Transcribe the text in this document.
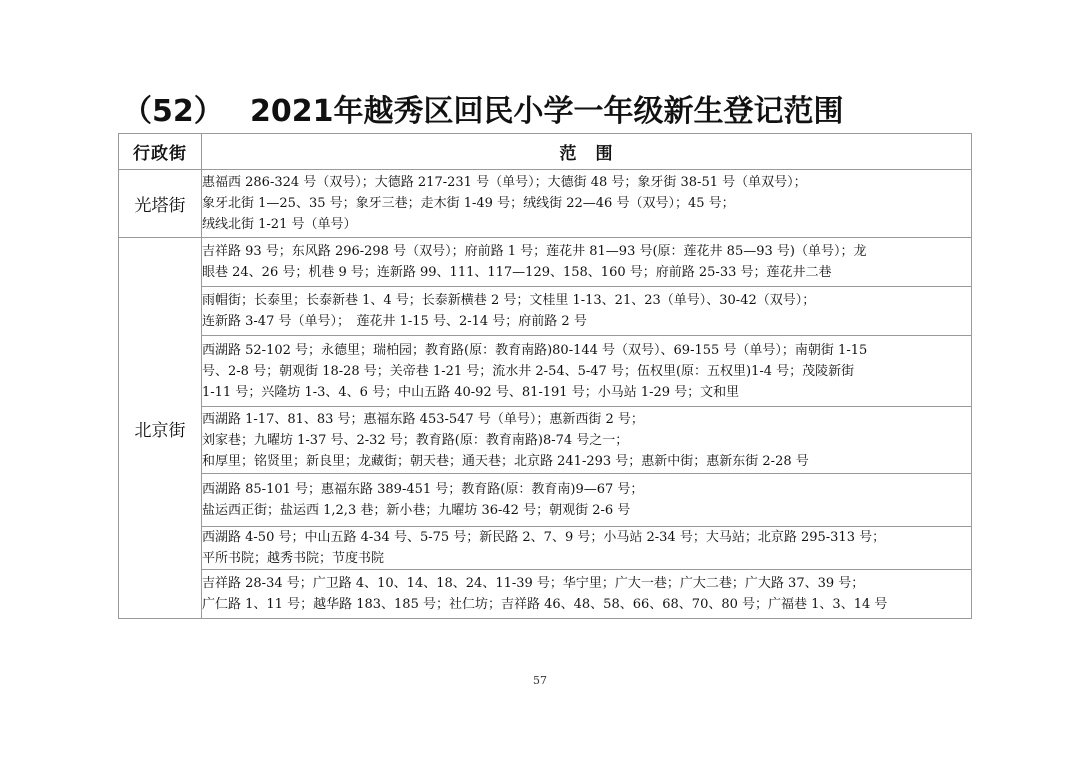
（52） 2021年越秀区回民小学一年级新生登记范围
行政街	范　围
光塔街	惠福西 286-324 号（双号）；大德路 217-231 号（单号）；大德街 48 号；象牙街 38-51 号（单双号）；
象牙北街 1—25、35 号；象牙三巷；走木街 1-49 号；绒线街 22—46 号（双号）；45 号；
绒线北街 1-21 号（单号）

北京街	吉祥路 93 号；东风路 296-298 号（双号）；府前路 1 号；莲花井 81—93 号(原：莲花井 85—93 号)（单号）；龙
眼巷 24、26 号；机巷 9 号；连新路 99、111、117—129、158、160 号；府前路 25-33 号；莲花井二巷

	雨帽街；长泰里；长泰新巷 1、4 号；长泰新横巷 2 号；文桂里 1-13、21、23（单号）、30-42（双号）；
连新路 3-47 号（单号）；　莲花井 1-15 号、2-14 号；府前路 2 号

	西湖路 52-102 号；永德里；瑞柏园；教育路(原：教育南路)80-144 号（双号）、69-155 号（单号）；南朝街 1-15
号、2-8 号；朝观街 18-28 号；关帝巷 1-21 号；流水井 2-54、5-47 号；伍权里(原：五权里)1-4 号；茂陵新街
1-11 号；兴隆坊 1-3、4、6 号；中山五路 40-92 号、81-191 号；小马站 1-29 号；文和里

	西湖路 1-17、81、83 号；惠福东路 453-547 号（单号）；惠新西街 2 号；
刘家巷；九曜坊 1-37 号、2-32 号；教育路(原：教育南路)8-74 号之一；
和厚里；铭贤里；新良里；龙藏街；朝天巷；通天巷；北京路 241-293 号；惠新中街；惠新东街 2-28 号

	西湖路 85-101 号；惠福东路 389-451 号；教育路(原：教育南)9—67 号；
盐运西正街；盐运西 1,2,3 巷；新小巷；九曜坊 36-42 号；朝观街 2-6 号

	西湖路 4-50 号；中山五路 4-34 号、5-75 号；新民路 2、7、9 号；小马站 2-34 号；大马站；北京路 295-313 号；
平所书院；越秀书院；节度书院

	吉祥路 28-34 号；广卫路 4、10、14、18、24、11-39 号；华宁里；广大一巷；广大二巷；广大路 37、39 号；
广仁路 1、11 号；越华路 183、185 号；社仁坊；吉祥路 46、48、58、66、68、70、80 号；广福巷 1、3、14 号
57
